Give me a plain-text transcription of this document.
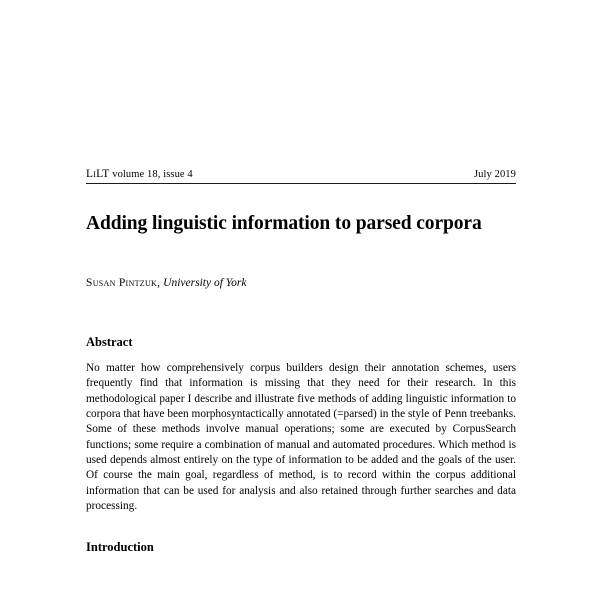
LiLT volume 18, issue 4	July 2019
Adding linguistic information to parsed corpora
Susan Pintzuk, University of York
Abstract

No matter how comprehensively corpus builders design their annotation schemes, users frequently find that information is missing that they need for their research. In this methodological paper I describe and illustrate five methods of adding linguistic information to corpora that have been morphosyntactically annotated (=parsed) in the style of Penn treebanks. Some of these methods involve manual operations; some are executed by CorpusSearch functions; some require a combination of manual and automated procedures. Which method is used depends almost entirely on the type of information to be added and the goals of the user. Of course the main goal, regardless of method, is to record within the corpus additional information that can be used for analysis and also retained through further searches and data processing.

Introduction
